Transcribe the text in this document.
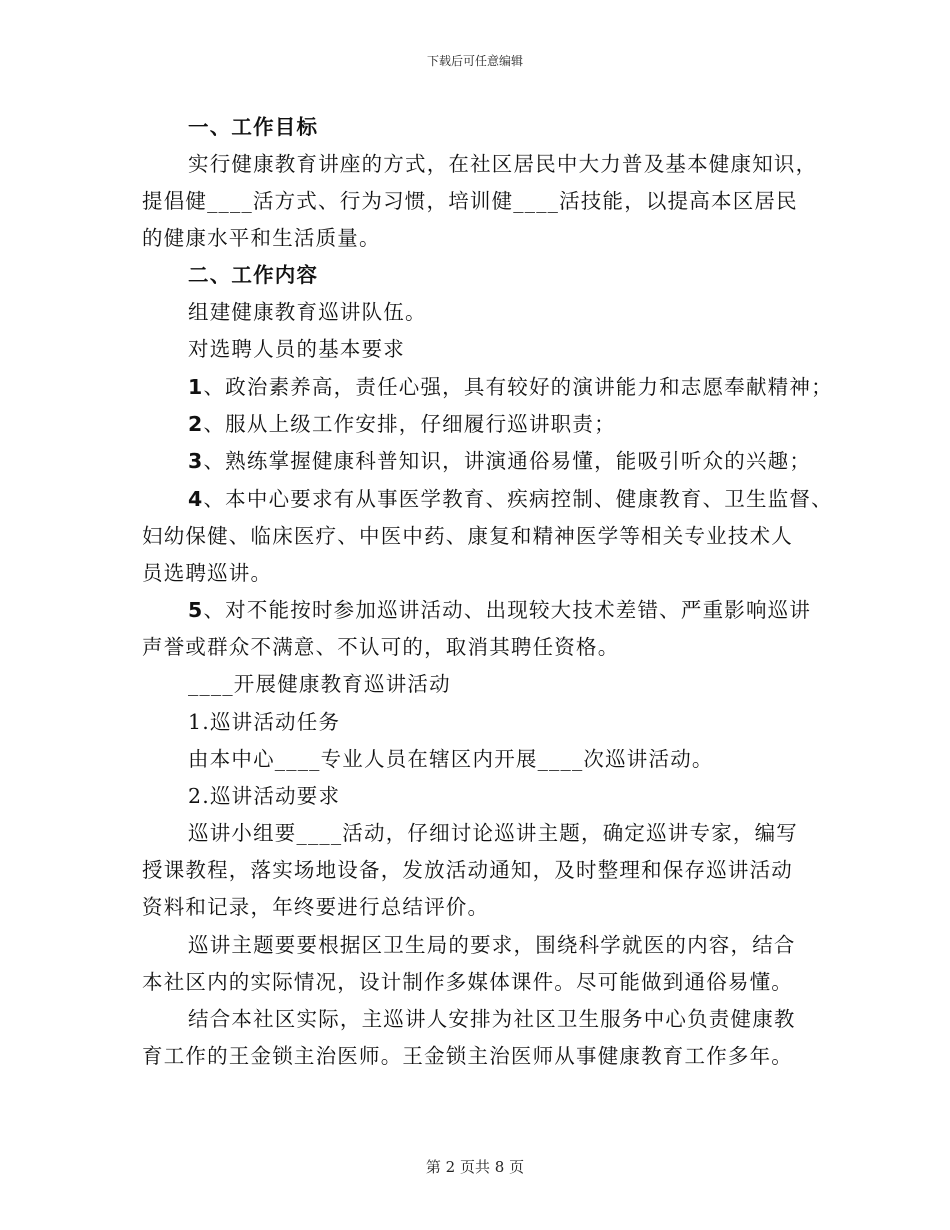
下载后可任意编辑
一、工作目标
实行健康教育讲座的方式，在社区居民中大力普及基本健康知识，
提倡健____活方式、行为习惯，培训健____活技能，以提高本区居民
的健康水平和生活质量。
二、工作内容
组建健康教育巡讲队伍。
对选聘人员的基本要求
1、政治素养高，责任心强，具有较好的演讲能力和志愿奉献精神；
2、服从上级工作安排，仔细履行巡讲职责；
3、熟练掌握健康科普知识，讲演通俗易懂，能吸引听众的兴趣；
4、本中心要求有从事医学教育、疾病控制、健康教育、卫生监督、
妇幼保健、临床医疗、中医中药、康复和精神医学等相关专业技术人
员选聘巡讲。
5、对不能按时参加巡讲活动、出现较大技术差错、严重影响巡讲
声誉或群众不满意、不认可的，取消其聘任资格。
____开展健康教育巡讲活动
1.巡讲活动任务
由本中心____专业人员在辖区内开展____次巡讲活动。
2.巡讲活动要求
巡讲小组要____活动，仔细讨论巡讲主题，确定巡讲专家，编写
授课教程，落实场地设备，发放活动通知，及时整理和保存巡讲活动
资料和记录，年终要进行总结评价。
巡讲主题要要根据区卫生局的要求，围绕科学就医的内容，结合
本社区内的实际情况，设计制作多媒体课件。尽可能做到通俗易懂。
结合本社区实际，主巡讲人安排为社区卫生服务中心负责健康教
育工作的王金锁主治医师。王金锁主治医师从事健康教育工作多年。
第 2 页共 8 页
